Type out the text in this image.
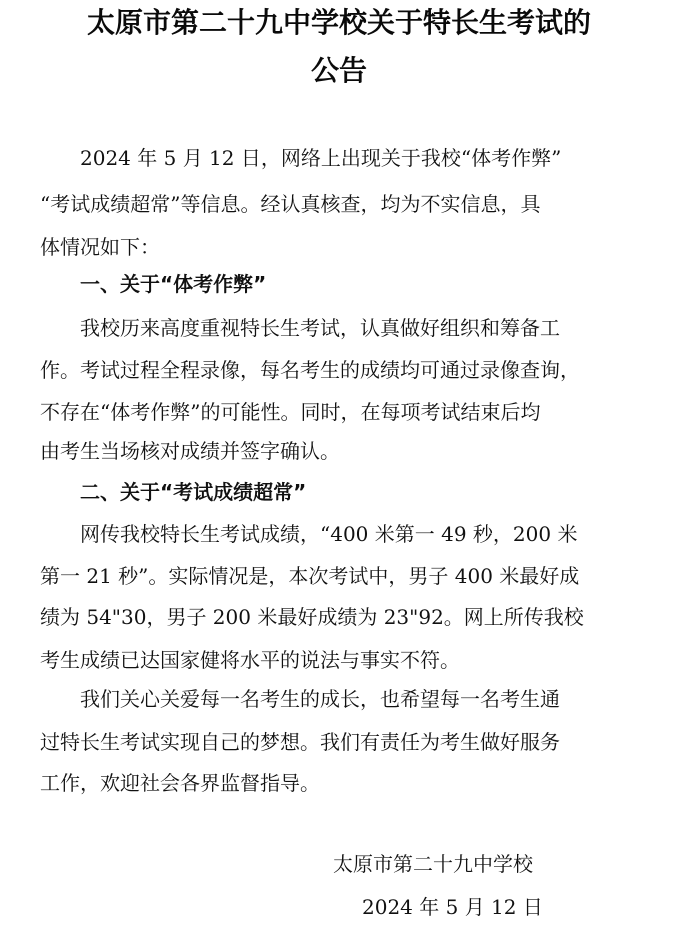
太原市第二十九中学校关于特长生考试的
公告
2024 年 5 月 12 日，网络上出现关于我校“体考作弊”
“考试成绩超常”等信息。经认真核查，均为不实信息，具
体情况如下：
一、关于“体考作弊”
我校历来高度重视特长生考试，认真做好组织和筹备工
作。考试过程全程录像，每名考生的成绩均可通过录像查询，
不存在“体考作弊”的可能性。同时，在每项考试结束后均
由考生当场核对成绩并签字确认。
二、关于“考试成绩超常”
网传我校特长生考试成绩，“400 米第一 49 秒，200 米
第一 21 秒”。实际情况是，本次考试中，男子 400 米最好成
绩为 54"30，男子 200 米最好成绩为 23"92。网上所传我校
考生成绩已达国家健将水平的说法与事实不符。
我们关心关爱每一名考生的成长，也希望每一名考生通
过特长生考试实现自己的梦想。我们有责任为考生做好服务
工作，欢迎社会各界监督指导。
太原市第二十九中学校
2024 年 5 月 12 日
